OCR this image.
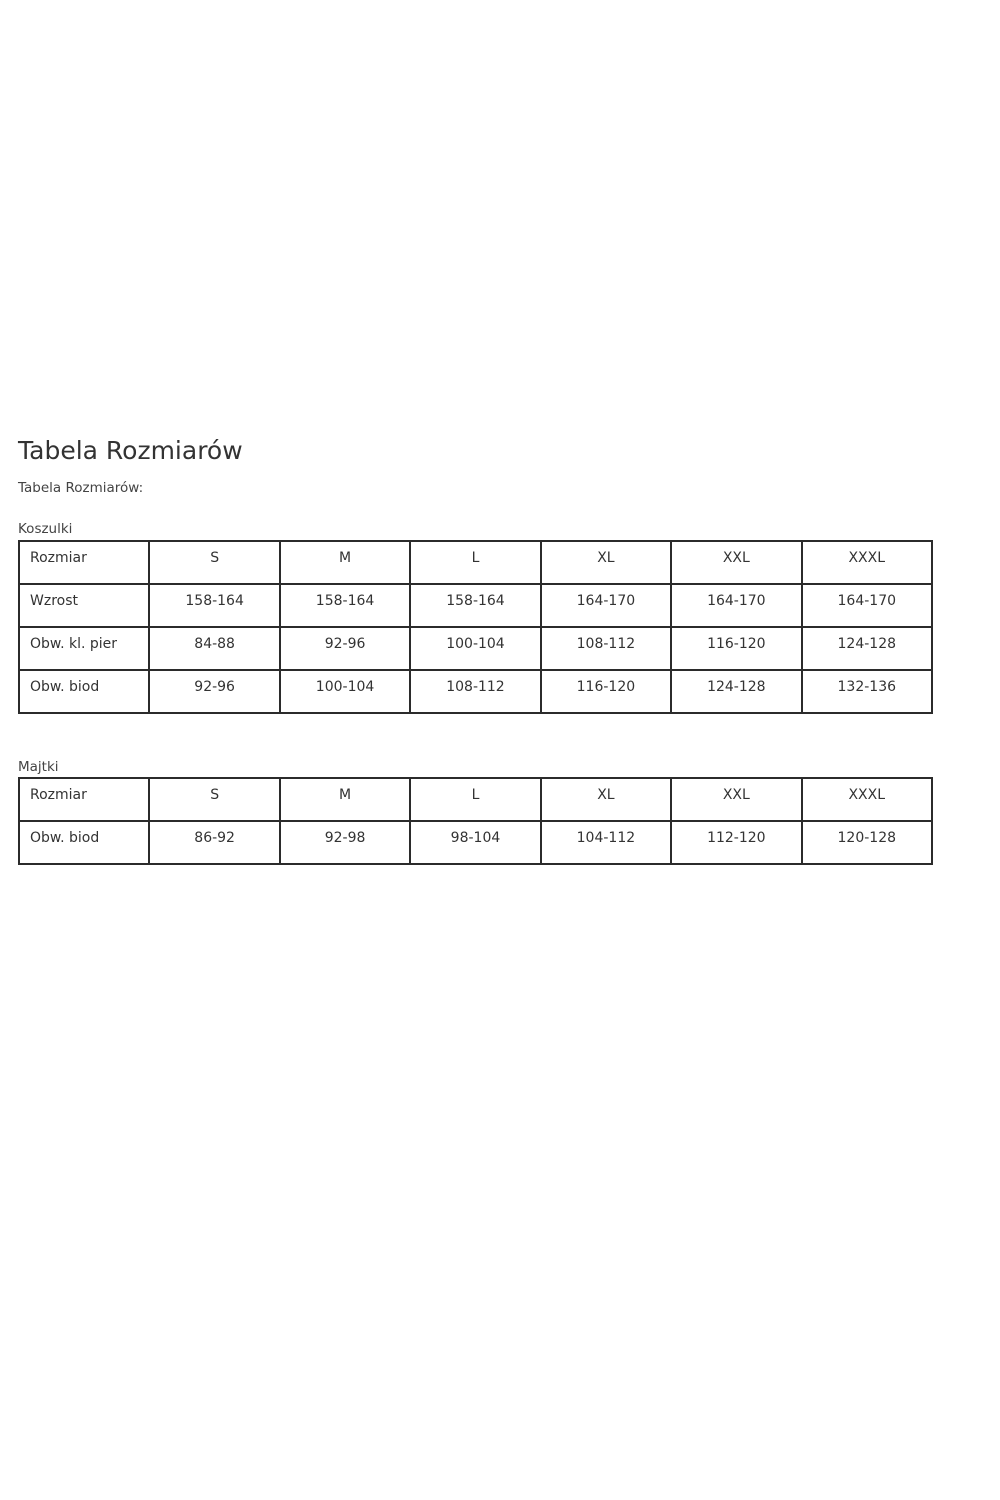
Tabela Rozmiarów
Tabela Rozmiarów:
Koszulki
Rozmiar	S	M	L	XL	XXL	XXXL
Wzrost	158-164	158-164	158-164	164-170	164-170	164-170
Obw. kl. pier	84-88	92-96	100-104	108-112	116-120	124-128
Obw. biod	92-96	100-104	108-112	116-120	124-128	132-136
Majtki
Rozmiar	S	M	L	XL	XXL	XXXL
Obw. biod	86-92	92-98	98-104	104-112	112-120	120-128
